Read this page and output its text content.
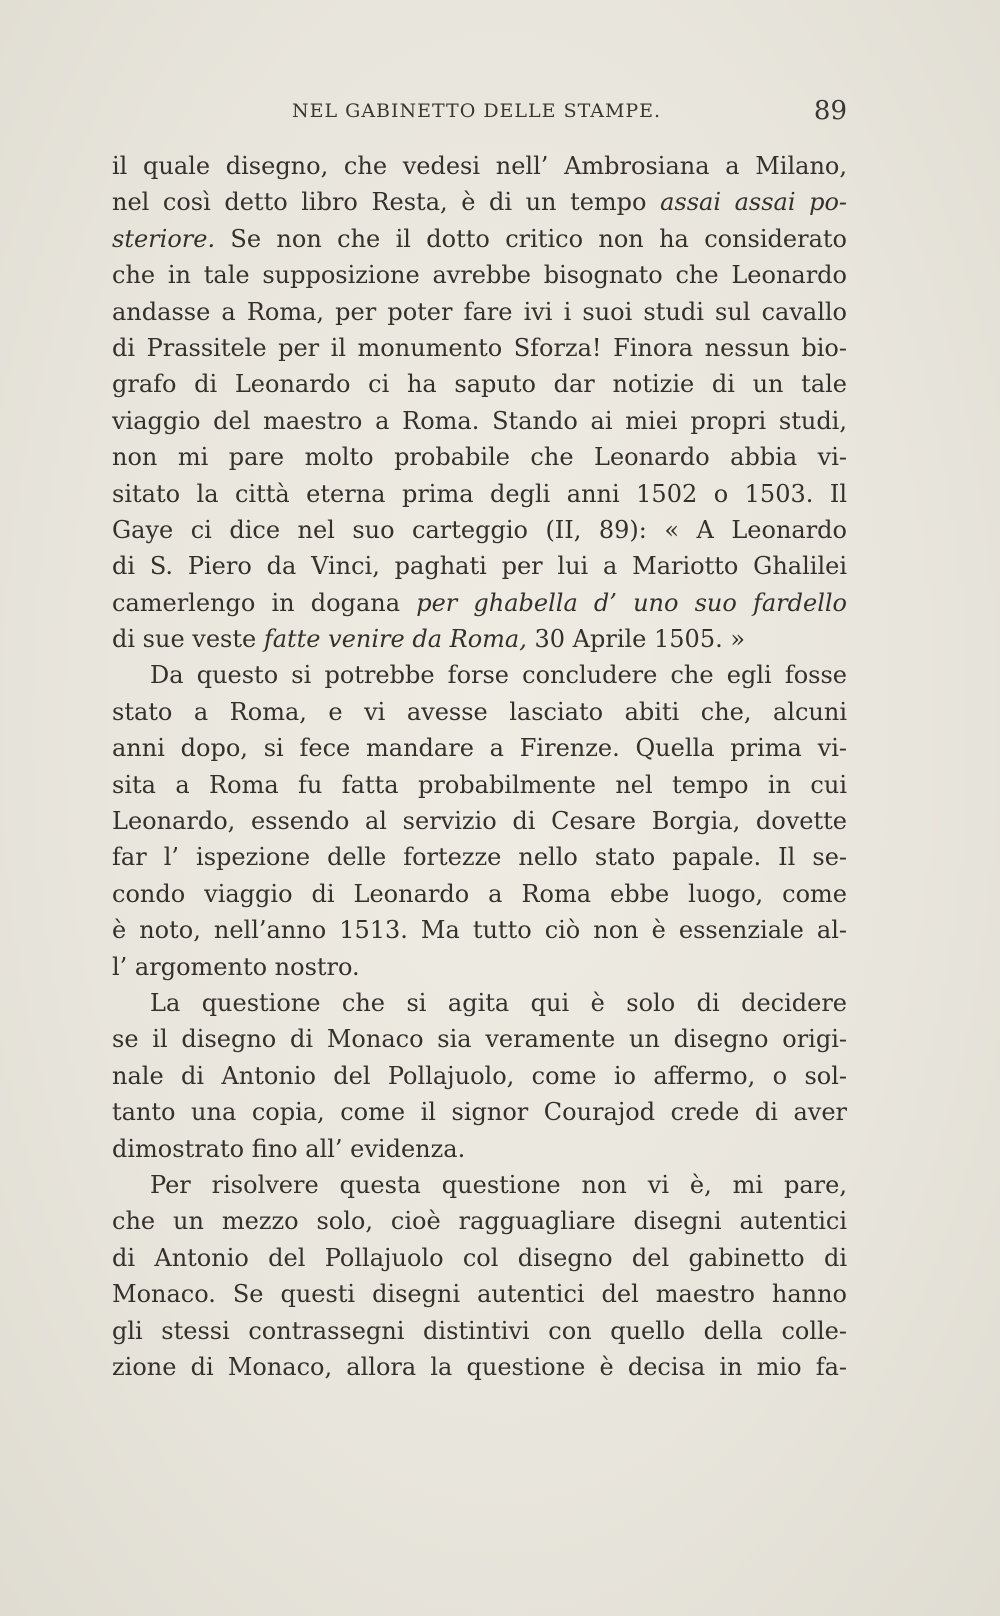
NEL GABINETTO DELLE STAMPE.	89
il quale disegno, che vedesi nell’ Ambrosiana a Milano,
nel così detto libro Resta, è di un tempo assai assai po-
steriore. Se non che il dotto critico non ha considerato
che in tale supposizione avrebbe bisognato che Leonardo
andasse a Roma, per poter fare ivi i suoi studi sul cavallo
di Prassitele per il monumento Sforza! Finora nessun bio-
grafo di Leonardo ci ha saputo dar notizie di un tale
viaggio del maestro a Roma. Stando ai miei propri studi,
non mi pare molto probabile che Leonardo abbia vi-
sitato la città eterna prima degli anni 1502 o 1503. Il
Gaye ci dice nel suo carteggio (II, 89): « A Leonardo
di S. Piero da Vinci, paghati per lui a Mariotto Ghalilei
camerlengo in dogana per ghabella d’ uno suo fardello
di sue veste fatte venire da Roma, 30 Aprile 1505. »
Da questo si potrebbe forse concludere che egli fosse
stato a Roma, e vi avesse lasciato abiti che, alcuni
anni dopo, si fece mandare a Firenze. Quella prima vi-
sita a Roma fu fatta probabilmente nel tempo in cui
Leonardo, essendo al servizio di Cesare Borgia, dovette
far l’ ispezione delle fortezze nello stato papale. Il se-
condo viaggio di Leonardo a Roma ebbe luogo, come
è noto, nell’anno 1513. Ma tutto ciò non è essenziale al-
l’ argomento nostro.
La questione che si agita qui è solo di decidere
se il disegno di Monaco sia veramente un disegno origi-
nale di Antonio del Pollajuolo, come io affermo, o sol-
tanto una copia, come il signor Courajod crede di aver
dimostrato fino all’ evidenza.
Per risolvere questa questione non vi è, mi pare,
che un mezzo solo, cioè ragguagliare disegni autentici
di Antonio del Pollajuolo col disegno del gabinetto di
Monaco. Se questi disegni autentici del maestro hanno
gli stessi contrassegni distintivi con quello della colle-
zione di Monaco, allora la questione è decisa in mio fa-
